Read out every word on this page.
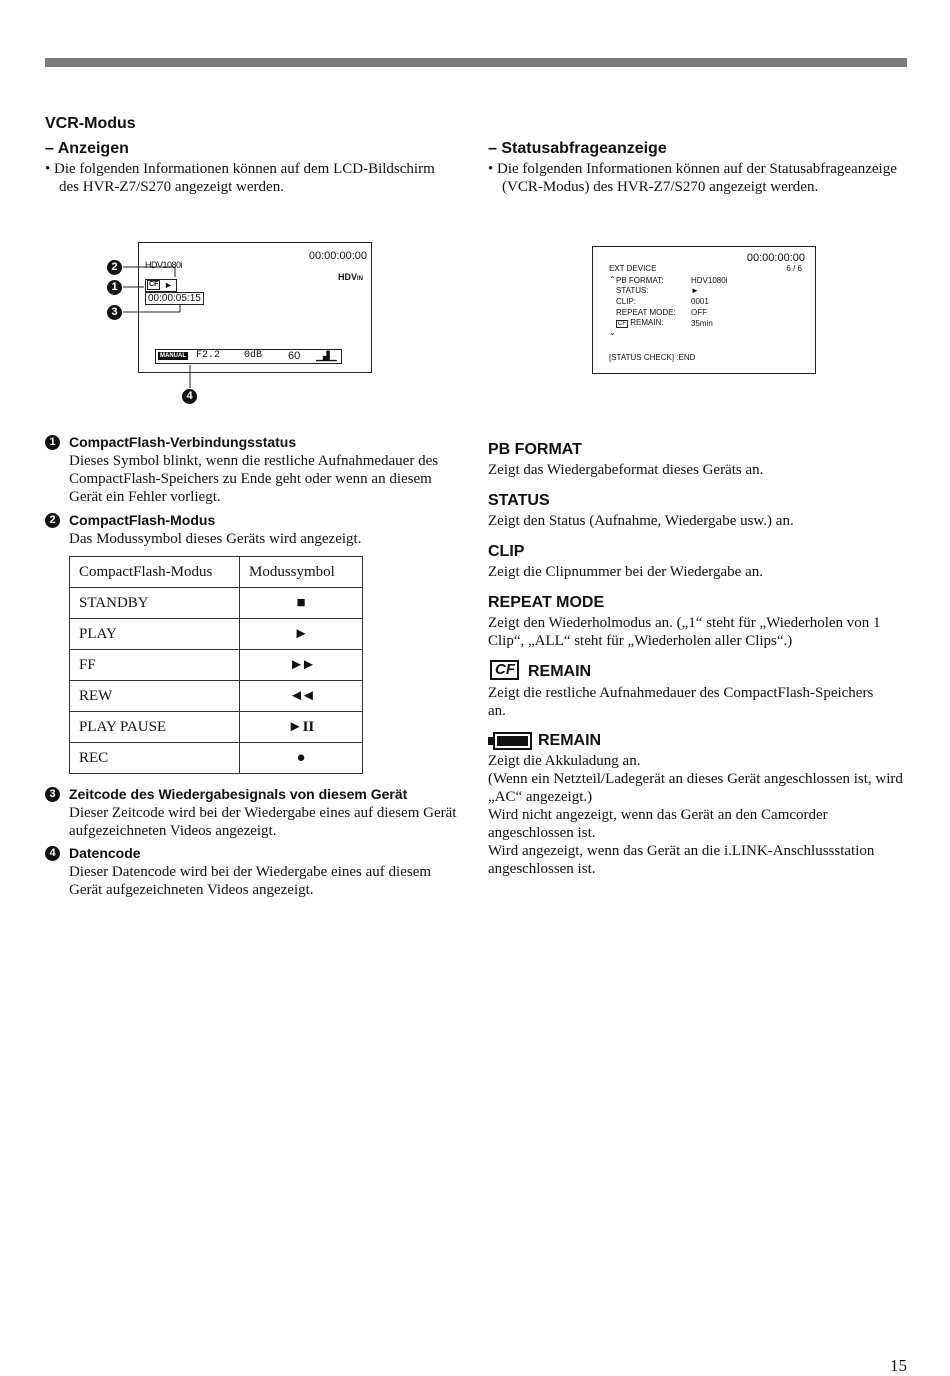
VCR-Modus
– Anzeigen
• Die folgenden Informationen können auf dem LCD-Bildschirm des HVR-Z7/S270 angezeigt werden.
– Statusabfrageanzeige
• Die folgenden Informationen können auf der Statusabfrageanzeige (VCR-Modus) des HVR-Z7/S270 angezeigt werden.
00:00:00:00
HDV1080i
HDVIN
CF ►
00:00:05:15
MANUAL F2.2 0dB 60 ▁▟▁
2
1
3
4
00:00:00:00
EXT DEVICE	6 / 6
⌃ PB FORMAT:	HDV1080i
STATUS:	►
CLIP:	0001
REPEAT MODE: OFF
CF REMAIN:	35min
⌄
[STATUS CHECK] :END
1 CompactFlash-Verbindungsstatus
Dieses Symbol blinkt, wenn die restliche Aufnahmedauer des CompactFlash-Speichers zu Ende geht oder wenn an diesem Gerät ein Fehler vorliegt.
2 CompactFlash-Modus
Das Modussymbol dieses Geräts wird angezeigt.
CompactFlash-Modus	Modussymbol
STANDBY	■
PLAY	►
FF	►►
REW	◄◄
PLAY PAUSE	►II
REC	●
3 Zeitcode des Wiedergabesignals von diesem Gerät
Dieser Zeitcode wird bei der Wiedergabe eines auf diesem Gerät aufgezeichneten Videos angezeigt.
4 Datencode
Dieser Datencode wird bei der Wiedergabe eines auf diesem Gerät aufgezeichneten Videos angezeigt.
PB FORMAT
Zeigt das Wiedergabeformat dieses Geräts an.
STATUS
Zeigt den Status (Aufnahme, Wiedergabe usw.) an.
CLIP
Zeigt die Clipnummer bei der Wiedergabe an.
REPEAT MODE
Zeigt den Wiederholmodus an. („1“ steht für „Wiederholen von 1 Clip“, „ALL“ steht für „Wiederholen aller Clips“.)
CF REMAIN
Zeigt die restliche Aufnahmedauer des CompactFlash-Speichers an.
REMAIN
Zeigt die Akkuladung an.
(Wenn ein Netzteil/Ladegerät an dieses Gerät angeschlossen ist, wird „AC“ angezeigt.)
Wird nicht angezeigt, wenn das Gerät an den Camcorder angeschlossen ist.
Wird angezeigt, wenn das Gerät an die i.LINK-Anschlussstation angeschlossen ist.
15
